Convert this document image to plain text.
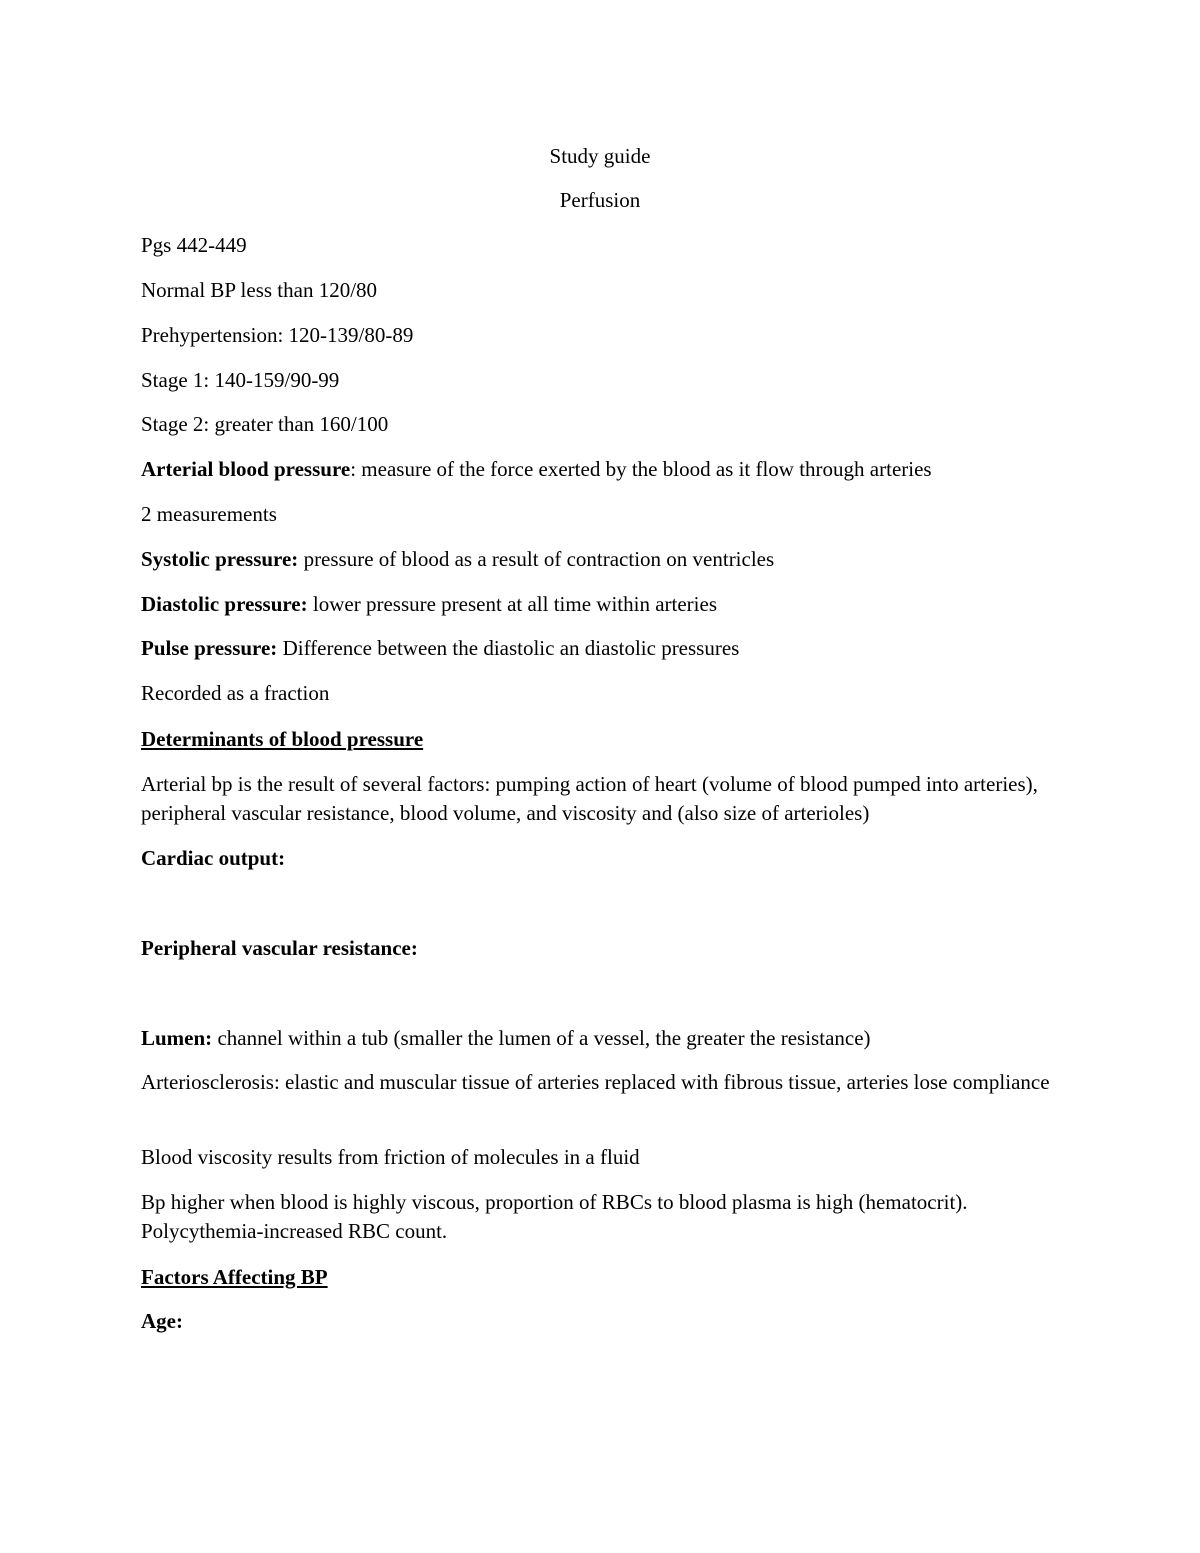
Study guide

Perfusion

Pgs 442-449

Normal BP less than 120/80

Prehypertension: 120-139/80-89

Stage 1: 140-159/90-99

Stage 2: greater than 160/100

Arterial blood pressure: measure of the force exerted by the blood as it flow through arteries

2 measurements

Systolic pressure: pressure of blood as a result of contraction on ventricles

Diastolic pressure: lower pressure present at all time within arteries

Pulse pressure: Difference between the diastolic an diastolic pressures

Recorded as a fraction

Determinants of blood pressure

Arterial bp is the result of several factors: pumping action of heart (volume of blood pumped into arteries), peripheral vascular resistance, blood volume, and viscosity and (also size of arterioles)

Cardiac output:

Peripheral vascular resistance:

Lumen: channel within a tub (smaller the lumen of a vessel, the greater the resistance)

Arteriosclerosis: elastic and muscular tissue of arteries replaced with fibrous tissue, arteries lose compliance

Blood viscosity results from friction of molecules in a fluid

Bp higher when blood is highly viscous, proportion of RBCs to blood plasma is high (hematocrit). Polycythemia-increased RBC count.

Factors Affecting BP

Age:
